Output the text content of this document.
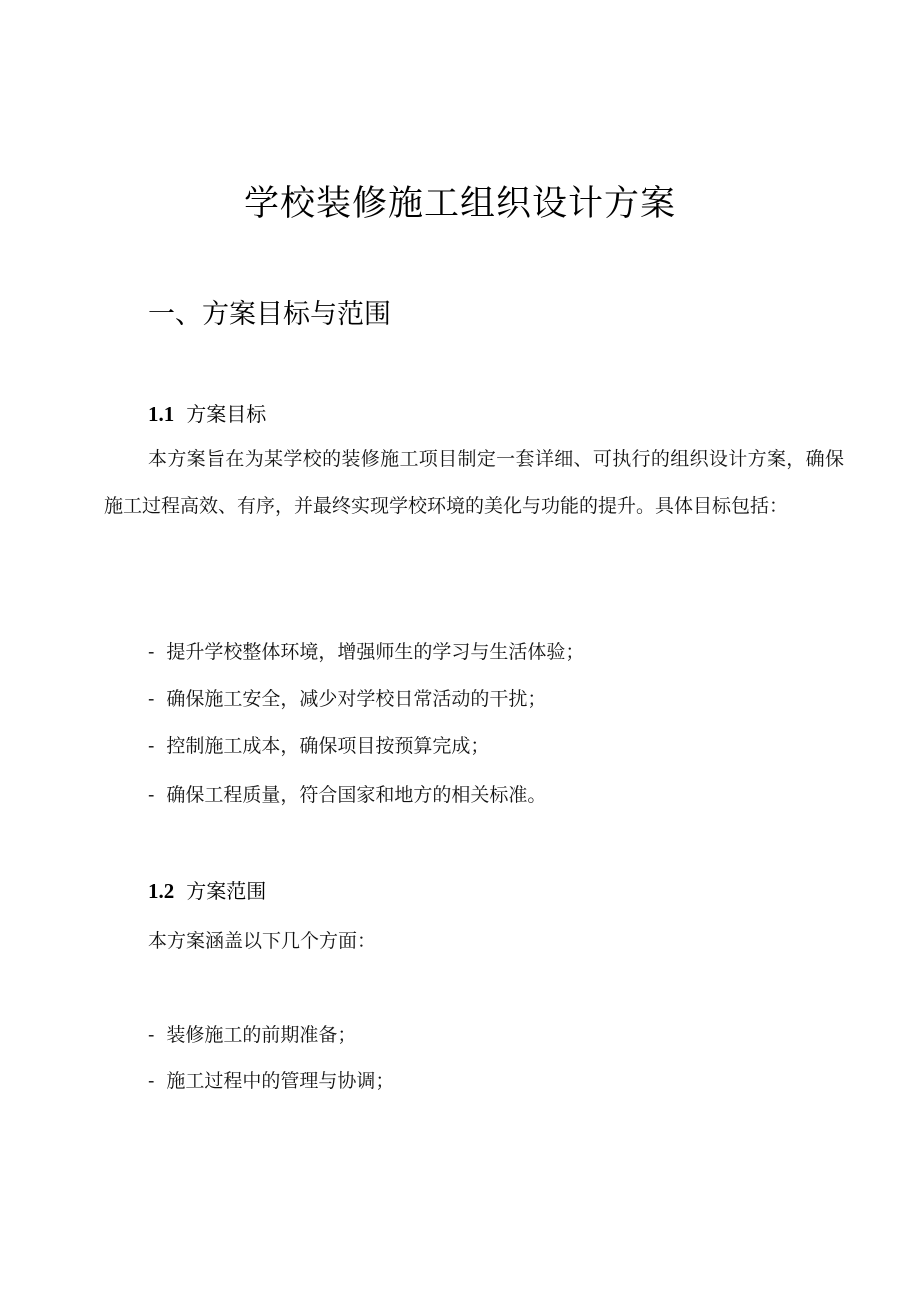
学校装修施工组织设计方案
一、方案目标与范围
1.1 方案目标
本方案旨在为某学校的装修施工项目制定一套详细、可执行的组织设计方案，确保施工过程高效、有序，并最终实现学校环境的美化与功能的提升。具体目标包括：
- 提升学校整体环境，增强师生的学习与生活体验；
- 确保施工安全，减少对学校日常活动的干扰；
- 控制施工成本，确保项目按预算完成；
- 确保工程质量，符合国家和地方的相关标准。
1.2 方案范围
本方案涵盖以下几个方面：
- 装修施工的前期准备；
- 施工过程中的管理与协调；
